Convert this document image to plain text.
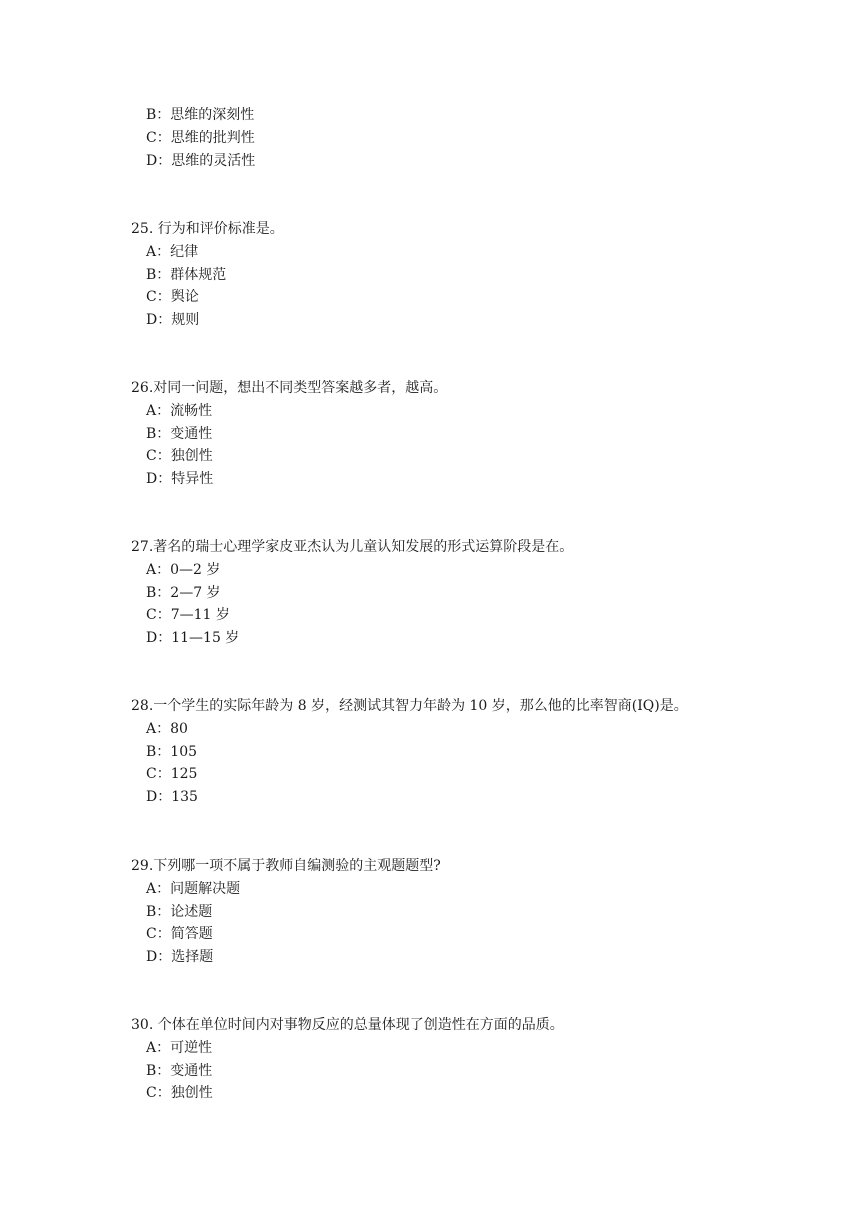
B：思维的深刻性
C：思维的批判性
D：思维的灵活性
25. 行为和评价标准是。
A：纪律
B：群体规范
C：舆论
D：规则
26.对同一问题，想出不同类型答案越多者，越高。
A：流畅性
B：变通性
C：独创性
D：特异性
27.著名的瑞士心理学家皮亚杰认为儿童认知发展的形式运算阶段是在。
A：0—2 岁
B：2—7 岁
C：7—11 岁
D：11—15 岁
28.一个学生的实际年龄为 8 岁，经测试其智力年龄为 10 岁，那么他的比率智商(IQ)是。
A：80
B：105
C：125
D：135
29.下列哪一项不属于教师自编测验的主观题题型?
A：问题解决题
B：论述题
C：简答题
D：选择题
30. 个体在单位时间内对事物反应的总量体现了创造性在方面的品质。
A：可逆性
B：变通性
C：独创性
